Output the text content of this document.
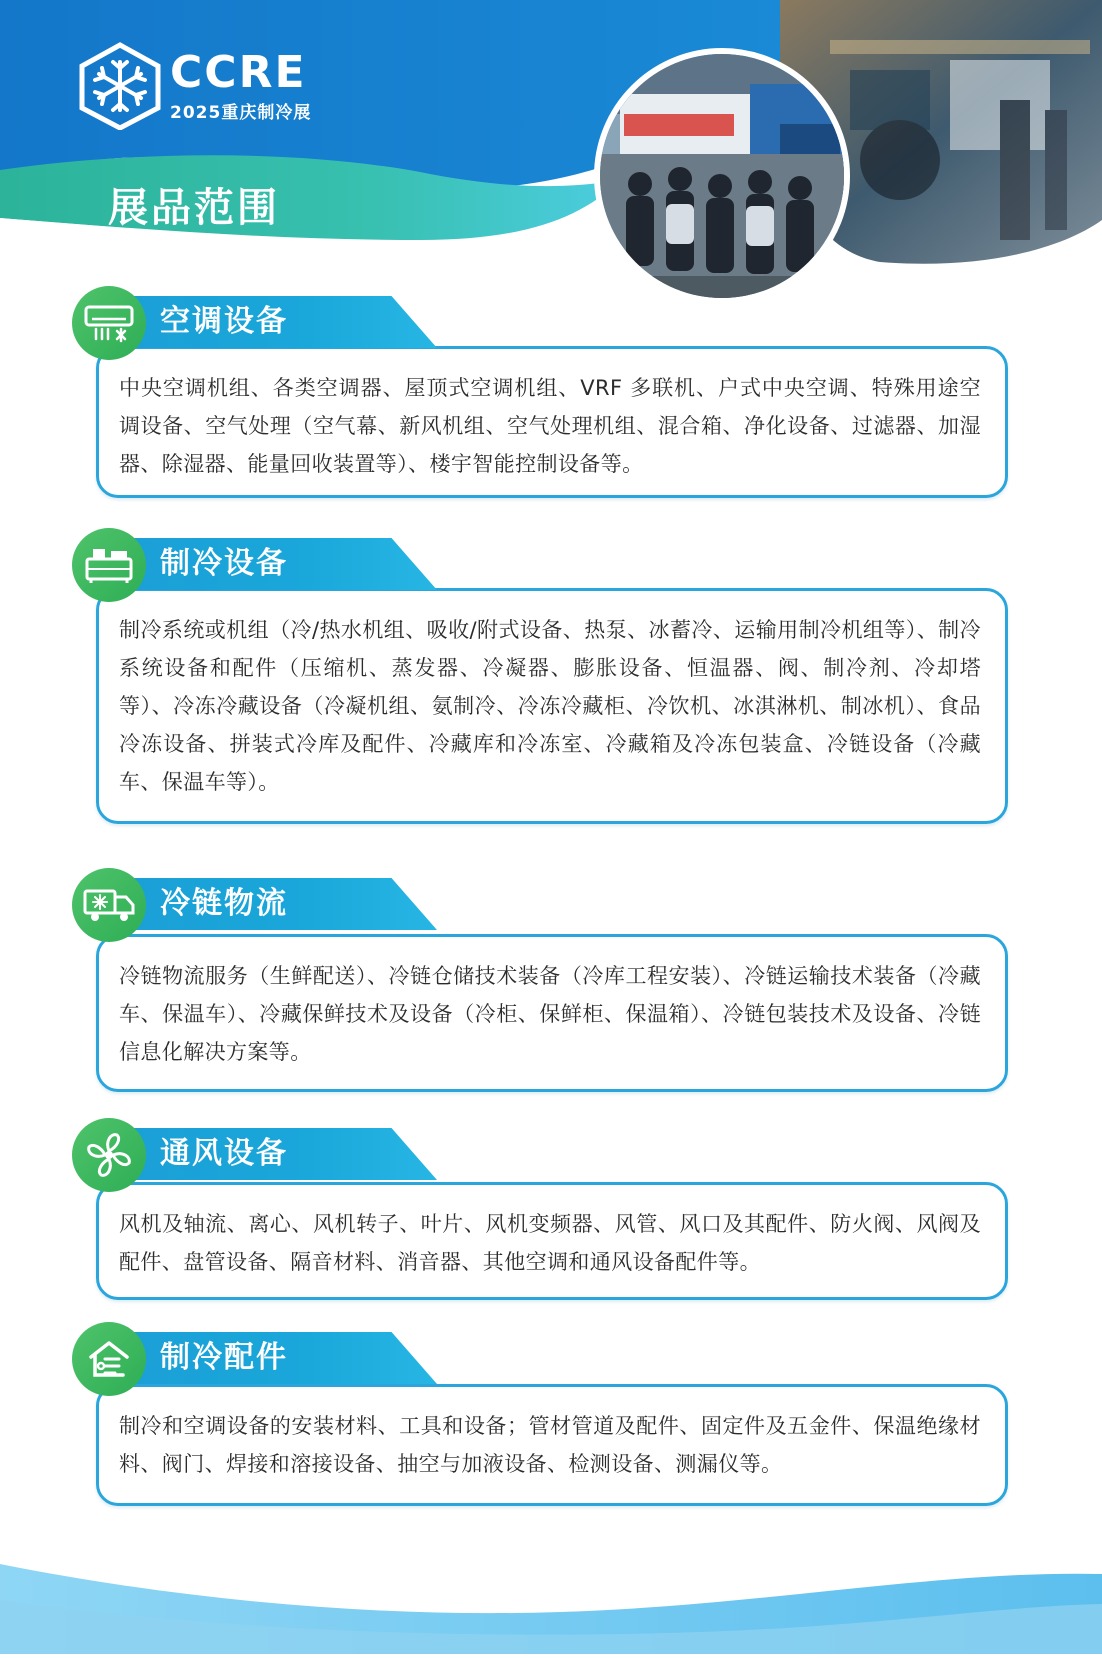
CCRE
2025重庆制冷展
展品范围
中央空调机组、各类空调器、屋顶式空调机组、VRF 多联机、户式中央空调、特殊用途空调设备、空气处理（空气幕、新风机组、空气处理机组、混合箱、净化设备、过滤器、加湿器、除湿器、能量回收装置等）、楼宇智能控制设备等。
空调设备
制冷系统或机组（冷/热水机组、吸收/附式设备、热泵、冰蓄冷、运输用制冷机组等）、制冷系统设备和配件（压缩机、蒸发器、冷凝器、膨胀设备、恒温器、阀、制冷剂、冷却塔等）、冷冻冷藏设备（冷凝机组、氨制冷、冷冻冷藏柜、冷饮机、冰淇淋机、制冰机）、食品冷冻设备、拼装式冷库及配件、冷藏库和冷冻室、冷藏箱及冷冻包装盒、冷链设备（冷藏车、保温车等）。
制冷设备
冷链物流服务（生鲜配送）、冷链仓储技术装备（冷库工程安装）、冷链运输技术装备（冷藏车、保温车）、冷藏保鲜技术及设备（冷柜、保鲜柜、保温箱）、冷链包装技术及设备、冷链信息化解决方案等。
冷链物流
风机及轴流、离心、风机转子、叶片、风机变频器、风管、风口及其配件、防火阀、风阀及配件、盘管设备、隔音材料、消音器、其他空调和通风设备配件等。
通风设备
制冷和空调设备的安装材料、工具和设备；管材管道及配件、固定件及五金件、保温绝缘材料、阀门、焊接和溶接设备、抽空与加液设备、检测设备、测漏仪等。
制冷配件
